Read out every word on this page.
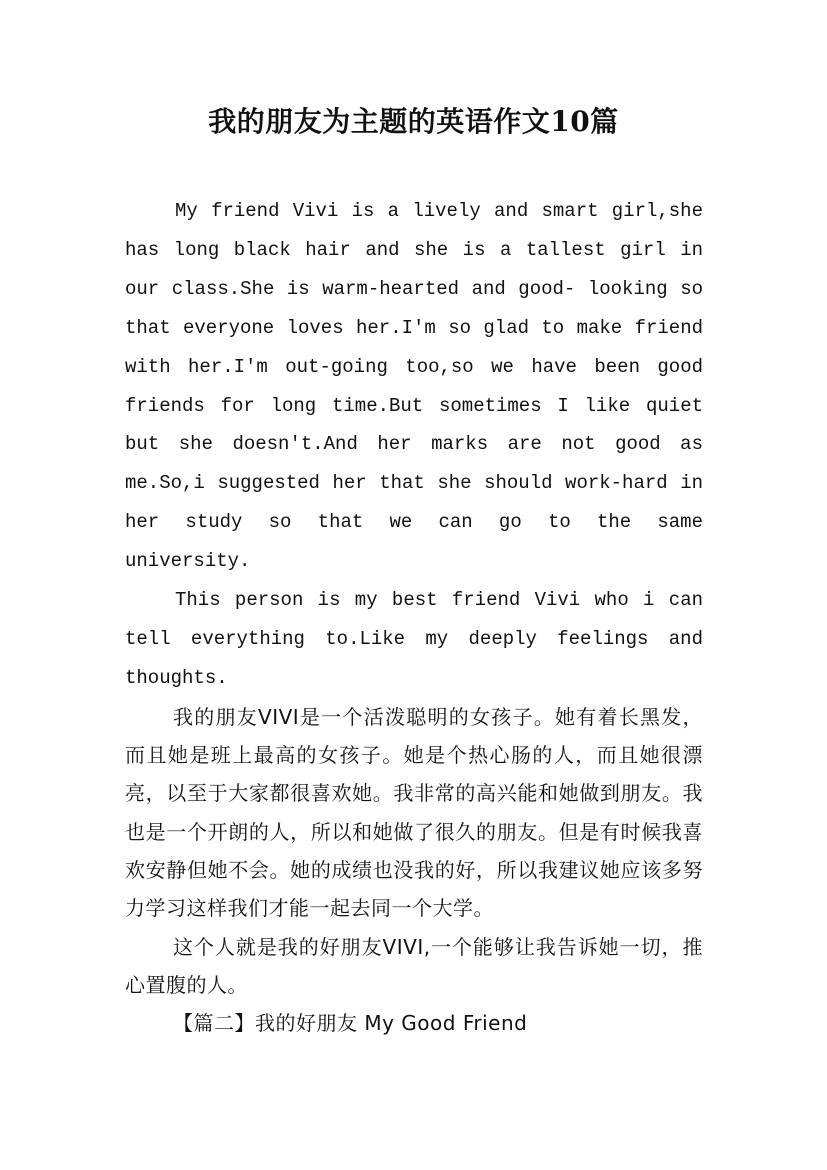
我的朋友为主题的英语作文10篇

My friend Vivi is a lively and smart girl,she has long black hair and she is a tallest girl in our class.She is warm-hearted and good- looking so that everyone loves her.I'm so glad to make friend with her.I'm out-going too,so we have been good friends for long time.But sometimes I like quiet but she doesn't.And her marks are not good as me.So,i suggested her that she should work-hard in her study so that we can go to the same university.

This person is my best friend Vivi who i can tell everything to.Like my deeply feelings and thoughts.

我的朋友VIVI是一个活泼聪明的女孩子。她有着长黑发，而且她是班上最高的女孩子。她是个热心肠的人，而且她很漂亮，以至于大家都很喜欢她。我非常的高兴能和她做到朋友。我也是一个开朗的人，所以和她做了很久的朋友。但是有时候我喜欢安静但她不会。她的成绩也没我的好，所以我建议她应该多努力学习这样我们才能一起去同一个大学。

这个人就是我的好朋友VIVI,一个能够让我告诉她一切，推心置腹的人。

【篇二】我的好朋友 My Good Friend
